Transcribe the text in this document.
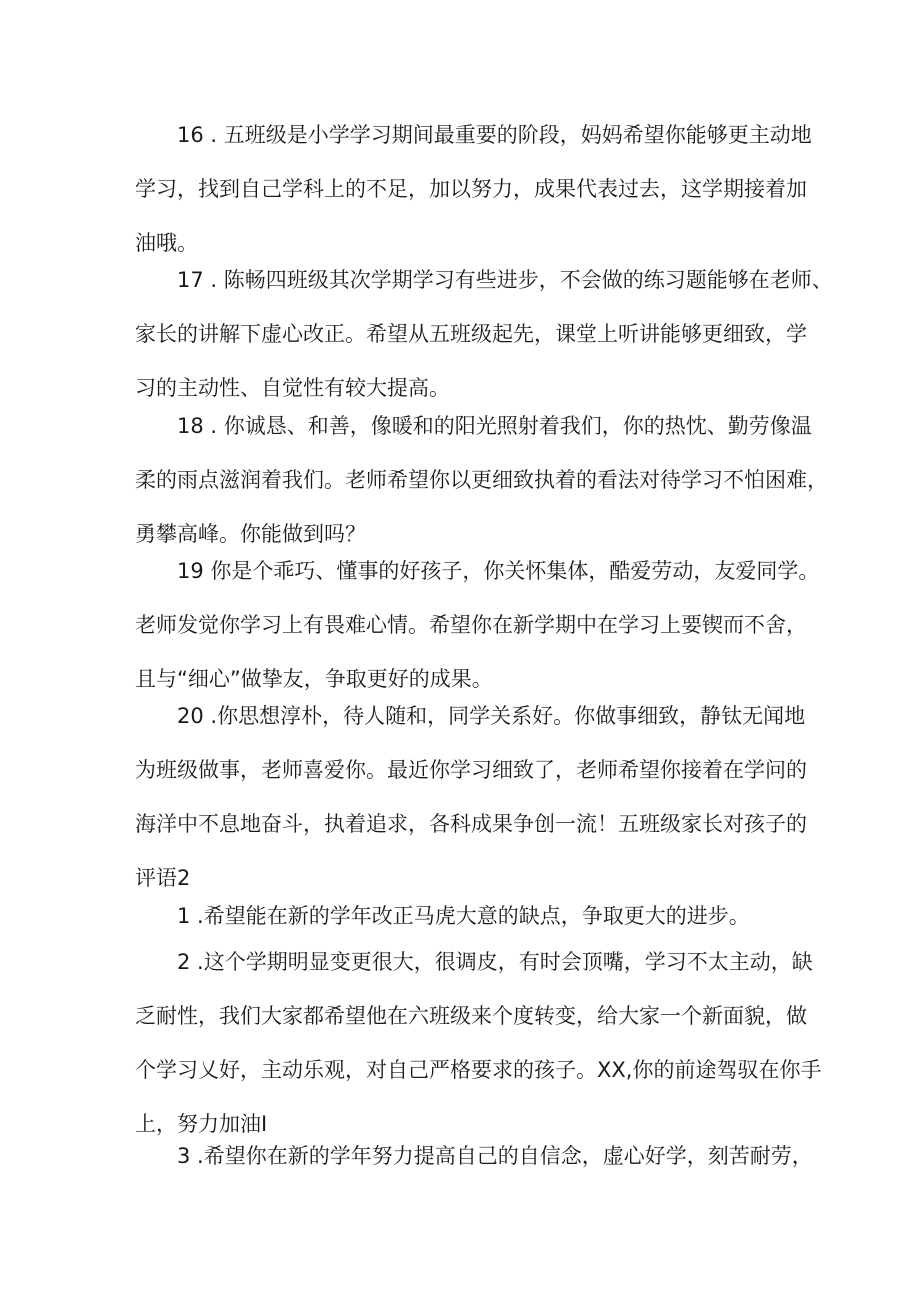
16 . 五班级是小学学习期间最重要的阶段，妈妈希望你能够更主动地
学习，找到自己学科上的不足，加以努力，成果代表过去，这学期接着加
油哦。
17 . 陈畅四班级其次学期学习有些进步，不会做的练习题能够在老师、
家长的讲解下虚心改正。希望从五班级起先，课堂上听讲能够更细致，学
习的主动性、自觉性有较大提高。
18 . 你诚恳、和善，像暖和的阳光照射着我们，你的热忱、勤劳像温
柔的雨点滋润着我们。老师希望你以更细致执着的看法对待学习不怕困难，
勇攀高峰。你能做到吗？
19 你是个乖巧、懂事的好孩子，你关怀集体，酷爱劳动，友爱同学。
老师发觉你学习上有畏难心情。希望你在新学期中在学习上要锲而不舍，
且与“细心”做挚友，争取更好的成果。
20 .你思想淳朴，待人随和，同学关系好。你做事细致，静钛无闻地
为班级做事，老师喜爱你。最近你学习细致了，老师希望你接着在学问的
海洋中不息地奋斗，执着追求，各科成果争创一流！五班级家长对孩子的
评语2
1 .希望能在新的学年改正马虎大意的缺点，争取更大的进步。
2 .这个学期明显变更很大，很调皮，有时会顶嘴，学习不太主动，缺
乏耐性，我们大家都希望他在六班级来个度转变，给大家一个新面貌，做
个学习乂好，主动乐观，对自己严格要求的孩子。XX,你的前途驾驭在你手
上，努力加油I
3 .希望你在新的学年努力提高自己的自信念，虚心好学，刻苦耐劳，
